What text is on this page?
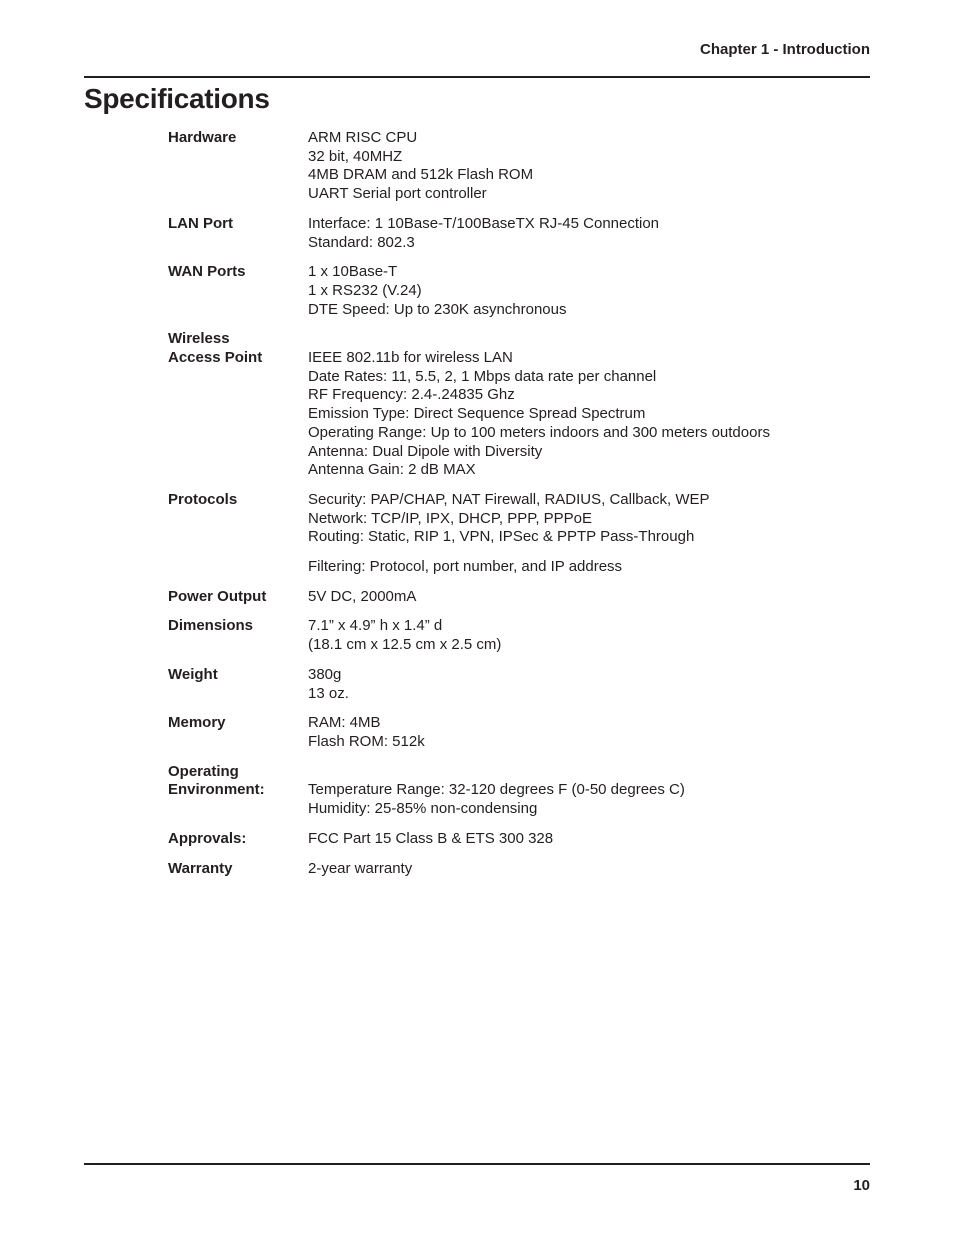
Chapter 1 - Introduction
Specifications
Hardware	ARM RISC CPU
32 bit, 40MHZ
4MB DRAM and 512k Flash ROM
UART Serial port controller
LAN Port	Interface: 1 10Base-T/100BaseTX RJ-45 Connection
Standard: 802.3
WAN Ports	1 x 10Base-T
1 x RS232 (V.24)
DTE Speed: Up to 230K asynchronous
Wireless
Access Point
	IEEE 802.11b for wireless LAN
Date Rates: 11, 5.5, 2, 1 Mbps data rate per channel
RF Frequency: 2.4-.24835 Ghz
Emission Type: Direct Sequence Spread Spectrum
Operating Range: Up to 100 meters indoors and 300 meters outdoors
Antenna: Dual Dipole with Diversity
Antenna Gain: 2 dB MAX
Protocols	Security: PAP/CHAP, NAT Firewall, RADIUS, Callback, WEP
Network: TCP/IP, IPX, DHCP, PPP, PPPoE
Routing: Static, RIP 1, VPN, IPSec & PPTP Pass-Through
Filtering: Protocol, port number, and IP address
Power Output	5V DC, 2000mA
Dimensions	7.1” x 4.9” h x 1.4” d
(18.1 cm x 12.5 cm x 2.5 cm)
Weight	380g
13 oz.
Memory	RAM: 4MB
Flash ROM: 512k
Operating
Environment:
	Temperature Range: 32-120 degrees F (0-50 degrees C)
Humidity: 25-85% non-condensing
Approvals:	FCC Part 15 Class B & ETS 300 328
Warranty	2-year warranty
10
